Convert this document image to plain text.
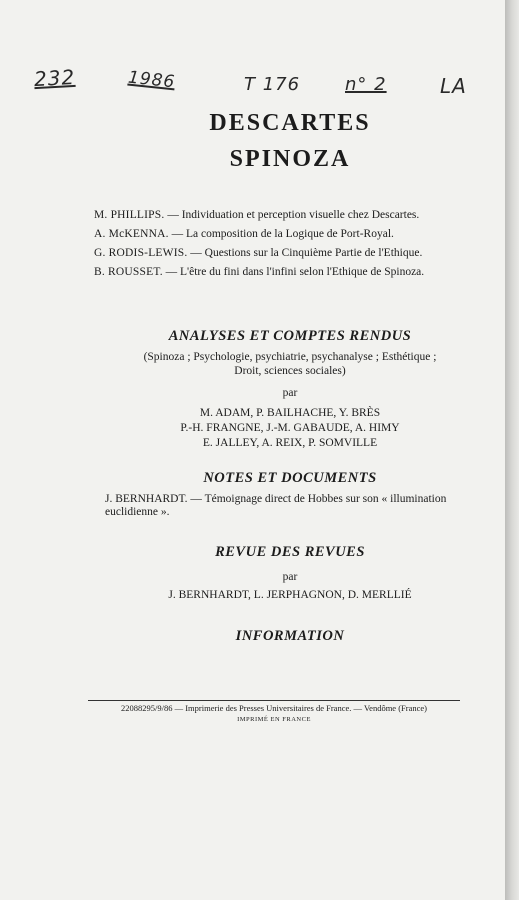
232	1986	T 176 n° 2	LA
DESCARTES
SPINOZA
M. PHILLIPS. — Individuation et perception visuelle chez Descartes.
A. McKENNA. — La composition de la Logique de Port-Royal.
G. RODIS-LEWIS. — Questions sur la Cinquième Partie de l'Ethique.
B. ROUSSET. — L'être du fini dans l'infini selon l'Ethique de Spinoza.
ANALYSES ET COMPTES RENDUS
(Spinoza ; Psychologie, psychiatrie, psychanalyse ; Esthétique ;
Droit, sciences sociales)
par
M. ADAM, P. BAILHACHE, Y. BRÈS
P.-H. FRANGNE, J.-M. GABAUDE, A. HIMY
E. JALLEY, A. REIX, P. SOMVILLE
NOTES ET DOCUMENTS
J. BERNHARDT. — Témoignage direct de Hobbes sur son « illumination euclidienne ».
REVUE DES REVUES
par
J. BERNHARDT, L. JERPHAGNON, D. MERLLIÉ
INFORMATION
22088295/9/86 — Imprimerie des Presses Universitaires de France. — Vendôme (France)
IMPRIMÉ EN FRANCE
